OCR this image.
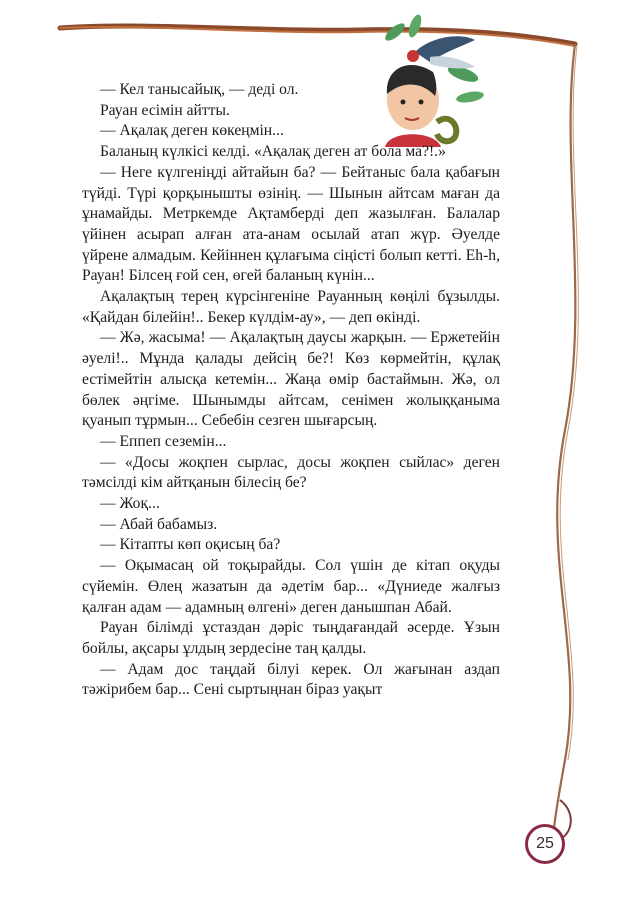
— Кел танысайық, — деді ол.

Рауан есімін айтты.

— Ақалақ деген көкеңмін...

Баланың күлкісі келді. «Ақалақ деген ат бола ма?!.»

— Неге күлгеніңді айтайын ба? — Бейтаныс бала қабағын түйді. Түрі қорқынышты өзінің. — Шынын айтсам маған да ұнамайды. Метркемде Ақтамберді деп жазылған. Балалар үйінен асырап алған ата-анам осылай атап жүр. Әуелде үйрене алмадым. Кейіннен құлағыма сіңісті болып кетті. Еһ-һ, Рауан! Білсең ғой сен, өгей баланың күнін...

Ақалақтың терең күрсінгеніне Рауанның көңілі бұзылды. «Қайдан білейін!.. Бекер күлдім-ау», — деп өкінді.

— Жә, жасыма! — Ақалақтың даусы жарқын. — Ержетейін әуелі!.. Мұнда қалады дейсің бе?! Көз көрмейтін, құлақ естімейтін алысқа кетемін... Жаңа өмір бастаймын. Жә, ол бөлек әңгіме. Шынымды айтсам, сенімен жолыққаныма қуанып тұрмын... Себебін сезген шығарсың.

— Еппеп сеземін...

— «Досы жоқпен сырлас, досы жоқпен сыйлас» деген тәмсілді кім айтқанын білесің бе?

— Жоқ...

— Абай бабамыз.

— Кітапты көп оқисың ба?

— Оқымасаң ой тоқырайды. Сол үшін де кітап оқуды сүйемін. Өлең жазатын да әдетім бар... «Дүниеде жалғыз қалған адам — адамның өлгені» деген данышпан Абай.

Рауан білімді ұстаздан дәріс тыңдағандай әсерде. Ұзын бойлы, ақсары ұлдың зердесіне таң қалды.

— Адам дос таңдай білуі керек. Ол жағынан аздап тәжірибем бар... Сені сыртыңнан біраз уақыт

25
